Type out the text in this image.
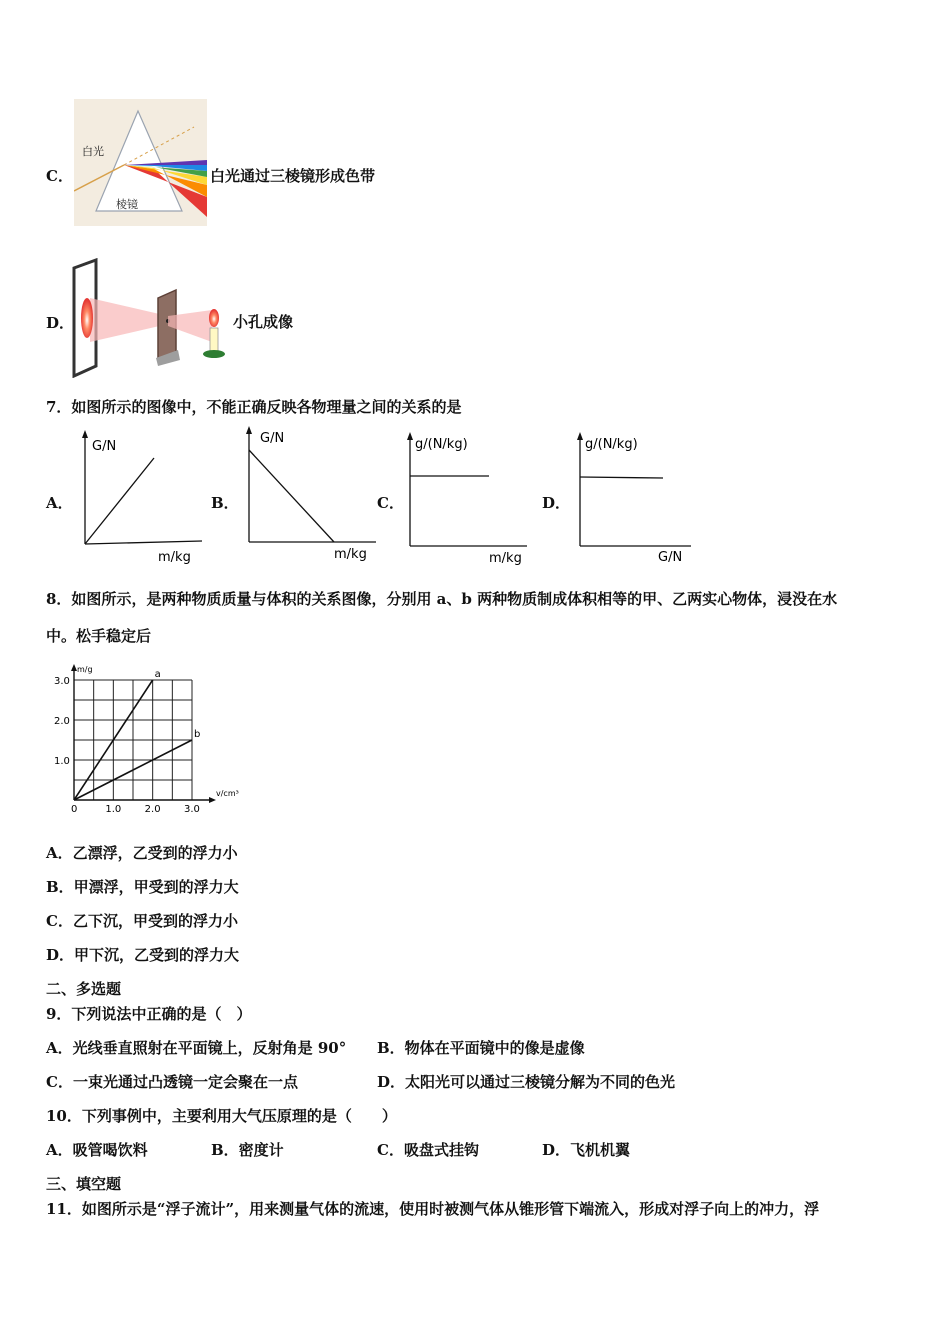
C．
白光
棱镜
白光通过三棱镜形成色带
D．	小孔成像
7．如图所示的图像中，不能正确反映各物理量之间的关系的是
A．
G/N
m/kg
B．
G/N
m/kg
C．
g/(N/kg)
m/kg
D．
g/(N/kg)
G/N
8．如图所示，是两种物质质量与体积的关系图像，分别用 a、b 两种物质制成体积相等的甲、乙两实心物体，浸没在水
中。松手稳定后
a
b
0	1.0 2.0 3.0
1.0
2.0
3.0
m/g
v/cm³
A．乙漂浮，乙受到的浮力小
B．甲漂浮，甲受到的浮力大
C．乙下沉，甲受到的浮力小
D．甲下沉，乙受到的浮力大
二、多选题
9．下列说法中正确的是（　）
A．光线垂直照射在平面镜上，反射角是 90° B．物体在平面镜中的像是虚像
C．一束光通过凸透镜一定会聚在一点	D．太阳光可以通过三棱镜分解为不同的色光
10．下列事例中，主要利用大气压原理的是（　　）
A．吸管喝饮料	B．密度计	C．吸盘式挂钩	D．飞机机翼
三、填空题
11．如图所示是“浮子流计”，用来测量气体的流速，使用时被测气体从锥形管下端流入，形成对浮子向上的冲力，浮
